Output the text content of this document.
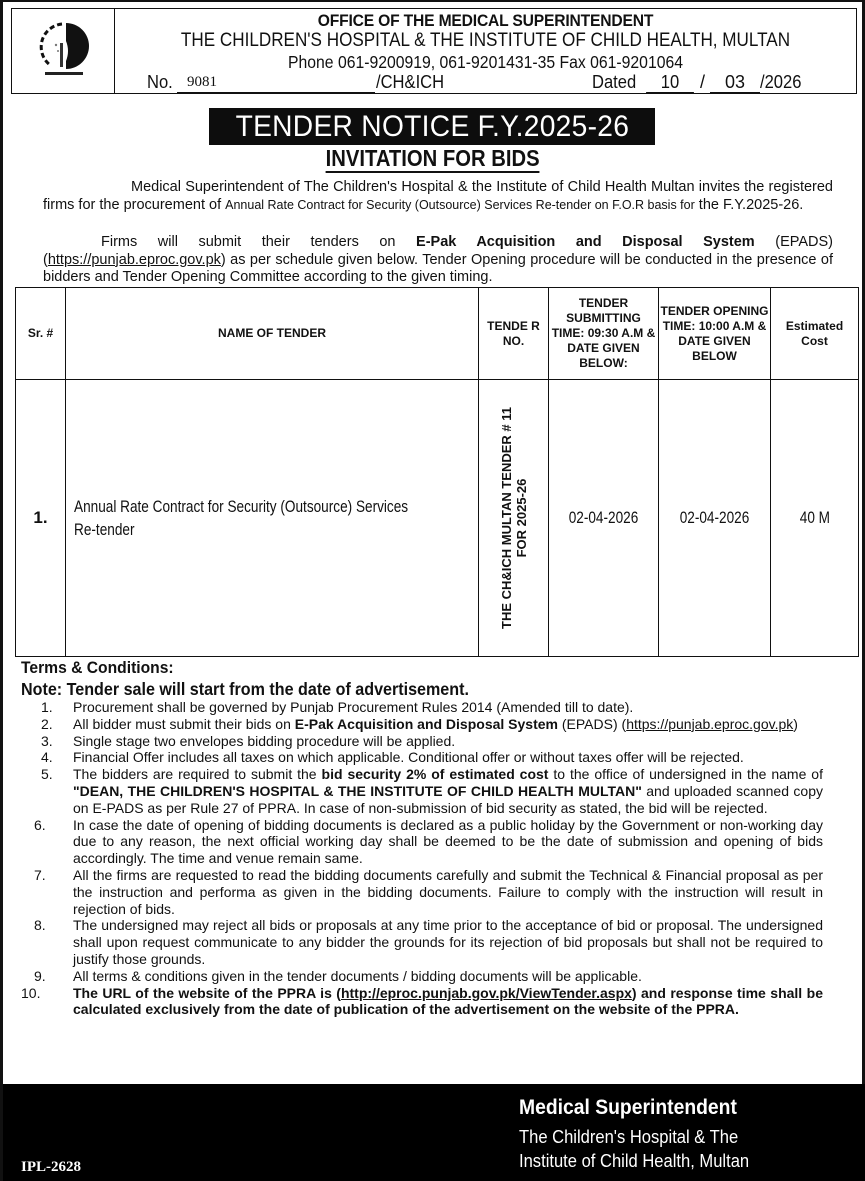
OFFICE OF THE MEDICAL SUPERINTENDENT
THE CHILDREN'S HOSPITAL & THE INSTITUTE OF CHILD HEALTH, MULTAN
Phone 061-9200919, 061-9201431-35 Fax 061-9201064
No. 9081	/CH&ICH	Dated	10	/	03 /2026
TENDER NOTICE F.Y.2025-26
INVITATION FOR BIDS
Medical Superintendent of The Children's Hospital & the Institute of Child Health Multan invites the registered firms for the procurement of Annual Rate Contract for Security (Outsource) Services Re-tender on F.O.R basis for the F.Y.2025-26.
Firms will submit their tenders on E-Pak Acquisition and Disposal System (EPADS) (https://punjab.eproc.gov.pk) as per schedule given below. Tender Opening procedure will be conducted in the presence of bidders and Tender Opening Committee according to the given timing.
Sr. #	NAME OF TENDER	TENDE R NO.	TENDER SUBMITTING TIME: 09:30 A.M & DATE GIVEN BELOW:	TENDER OPENING TIME: 10:00 A.M & DATE GIVEN BELOW	Estimated Cost
1.	Annual Rate Contract for Security (Outsource) Services
Re-tender	THE CH&ICH MULTAN TENDER # 11 FOR 2025-26	02-04-2026	02-04-2026	40 M
Terms & Conditions:
Note: Tender sale will start from the date of advertisement.
1. Procurement shall be governed by Punjab Procurement Rules 2014 (Amended till to date).
2. All bidder must submit their bids on E-Pak Acquisition and Disposal System (EPADS) (https://punjab.eproc.gov.pk)
3. Single stage two envelopes bidding procedure will be applied.
4. Financial Offer includes all taxes on which applicable. Conditional offer or without taxes offer will be rejected.
5. The bidders are required to submit the bid security 2% of estimated cost to the office of undersigned in the name of "DEAN, THE CHILDREN'S HOSPITAL & THE INSTITUTE OF CHILD HEALTH MULTAN" and uploaded scanned copy on E-PADS as per Rule 27 of PPRA. In case of non-submission of bid security as stated, the bid will be rejected.
6. In case the date of opening of bidding documents is declared as a public holiday by the Government or non-working day due to any reason, the next official working day shall be deemed to be the date of submission and opening of bids accordingly. The time and venue remain same.
7. All the firms are requested to read the bidding documents carefully and submit the Technical & Financial proposal as per the instruction and performa as given in the bidding documents. Failure to comply with the instruction will result in rejection of bids.
8. The undersigned may reject all bids or proposals at any time prior to the acceptance of bid or proposal. The undersigned shall upon request communicate to any bidder the grounds for its rejection of bid proposals but shall not be required to justify those grounds.
9. All terms & conditions given in the tender documents / bidding documents will be applicable.
10. The URL of the website of the PPRA is (http://eproc.punjab.gov.pk/ViewTender.aspx) and response time shall be calculated exclusively from the date of publication of the advertisement on the website of the PPRA.
IPL-2628
Medical Superintendent
The Children's Hospital & The
Institute of Child Health, Multan
